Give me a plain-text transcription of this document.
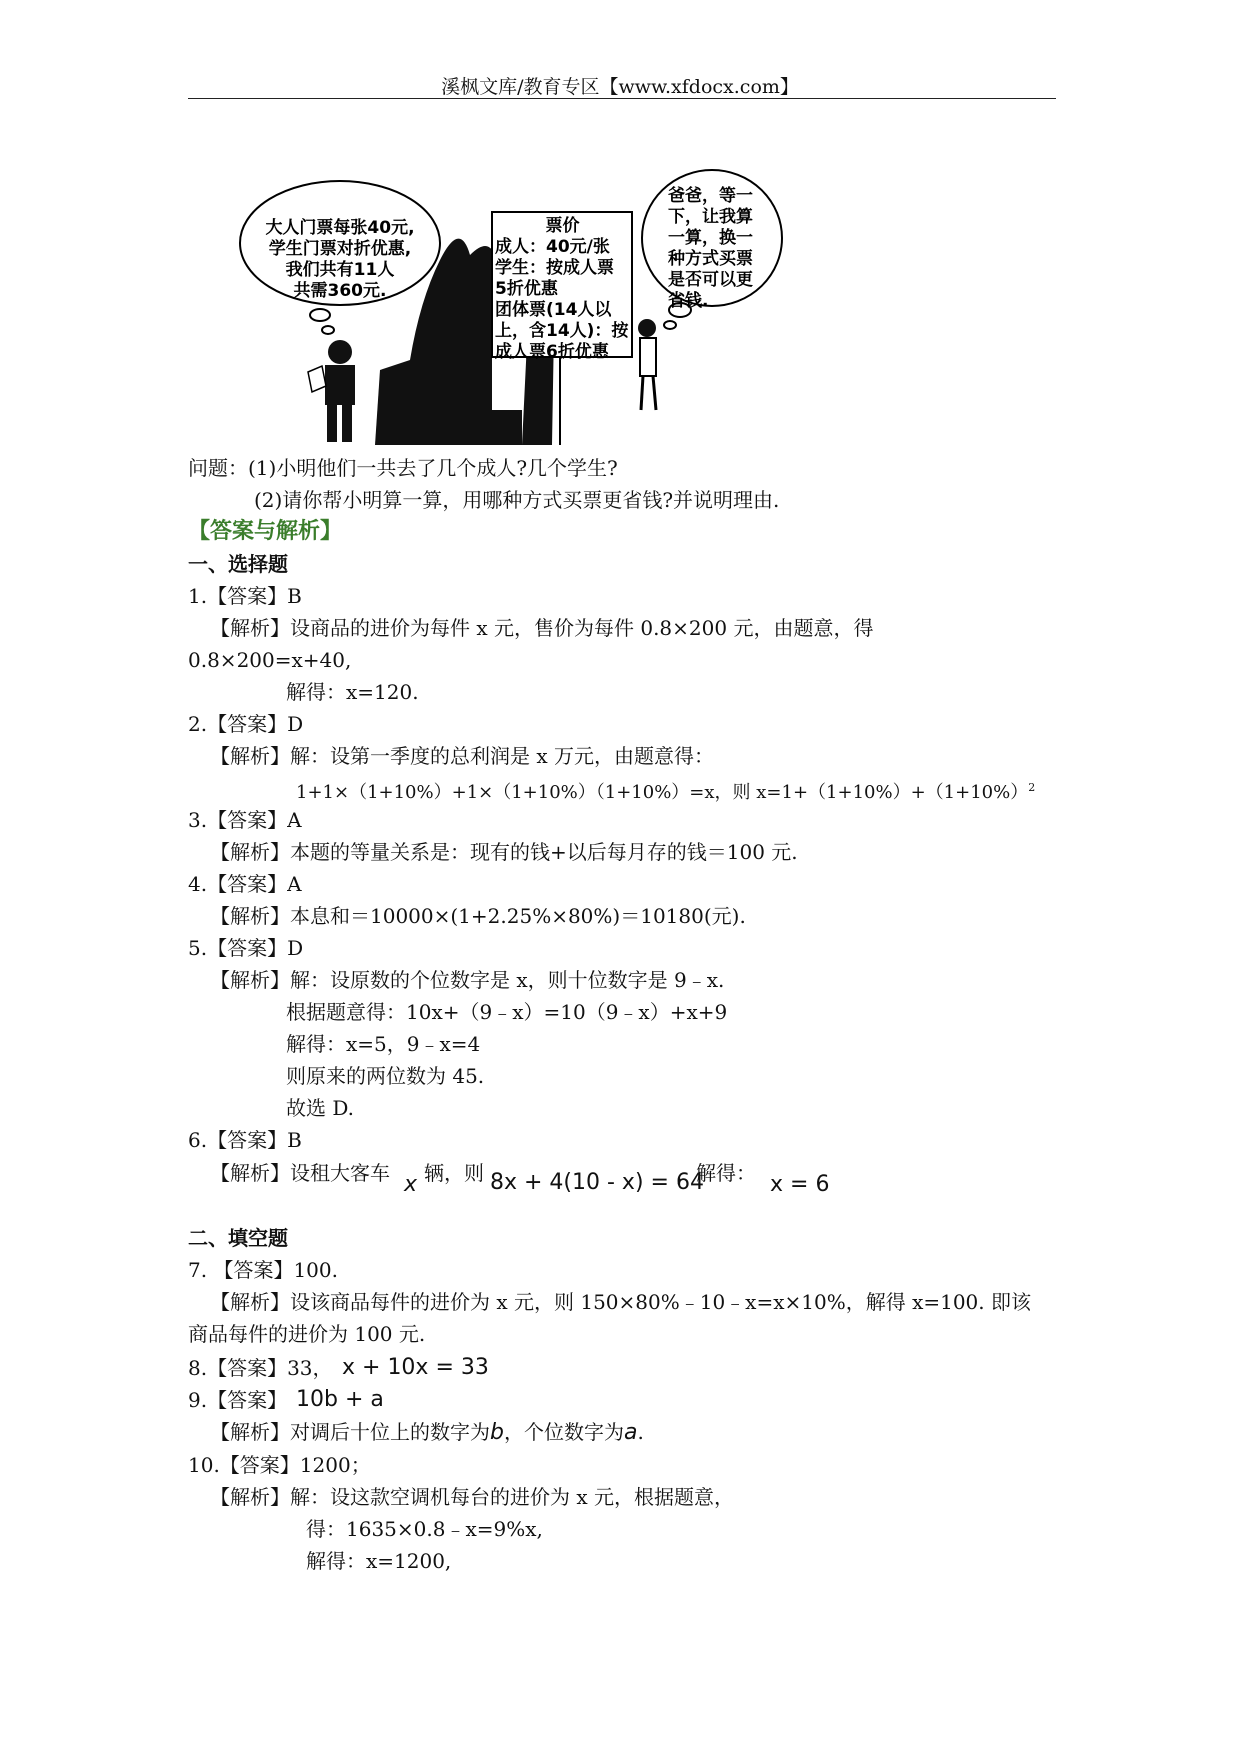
溪枫文库/教育专区【www.xfdocx.com】
大人门票每张40元,
学生门票对折优惠,
我们共有11人
共需360元.
票价
成人：40元/张
学生：按成人票
5折优惠
团体票(14人以
上，含14人)：按
成人票6折优惠
爸爸，等一
下，让我算
一算，换一
种方式买票
是否可以更
省钱.
问题：(1)小明他们一共去了几个成人?几个学生?
(2)请你帮小明算一算，用哪种方式买票更省钱?并说明理由.
【答案与解析】
一、选择题
1.【答案】B
【解析】设商品的进价为每件 x 元，售价为每件 0.8×200 元，由题意，得
0.8×200=x+40,
解得：x=120.
2.【答案】D
【解析】解：设第一季度的总利润是 x 万元，由题意得：
1+1×（1+10%）+1×（1+10%）（1+10%）=x，则 $x=1+(1+10\%)+(1+10\%)^2$
3.【答案】A
【解析】本题的等量关系是：现有的钱+以后每月存的钱＝100 元.
4.【答案】A
【解析】本息和＝10000×(1+2.25%×80%)＝10180(元).
5.【答案】D
【解析】解：设原数的个位数字是 x，则十位数字是 9﹣x.
根据题意得：10x+（9﹣x）=10（9﹣x）+x+9
解得：x=5，9﹣x=4
则原来的两位数为 45.
故选 D.
6.【答案】B
【解析】设租大客车 x 辆，则 8x + 4(10 - x) = 64
，解得： x = 6
二、填空题
7. 【答案】100.
【解析】设该商品每件的进价为 x 元，则 150×80%﹣10﹣x=x×10%，解得 x=100. 即该
商品每件的进价为 100 元.
8.【答案】33， x + 10x = 33
9.【答案】 10b + a
【解析】对调后十位上的数字为b，个位数字为a.
10.【答案】1200；
【解析】解：设这款空调机每台的进价为 x 元，根据题意，
得：1635×0.8﹣x=9%x,
解得：x=1200,
